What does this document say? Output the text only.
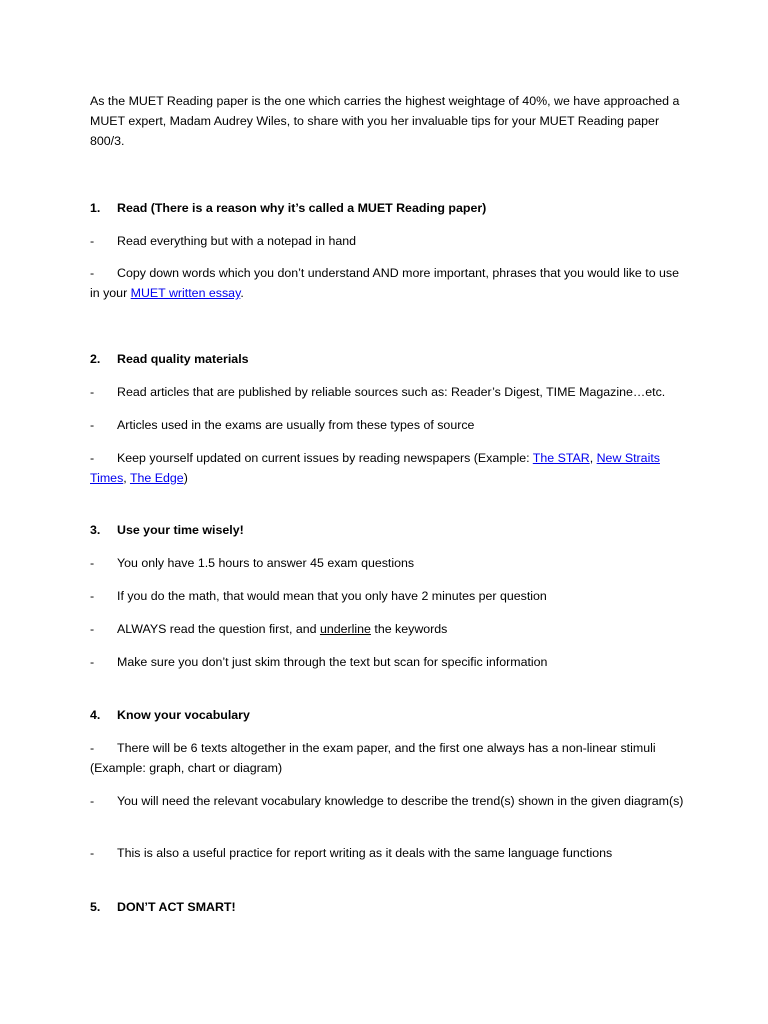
As the MUET Reading paper is the one which carries the highest weightage of 40%, we have approached a MUET expert, Madam Audrey Wiles, to share with you her invaluable tips for your MUET Reading paper 800/3.

1. Read (There is a reason why it’s called a MUET Reading paper)

- Read everything but with a notepad in hand

- Copy down words which you don’t understand AND more important, phrases that you would like to use in your MUET written essay.

2. Read quality materials

- Read articles that are published by reliable sources such as: Reader’s Digest, TIME Magazine…etc.

- Articles used in the exams are usually from these types of source

- Keep yourself updated on current issues by reading newspapers (Example: The STAR, New Straits Times, The Edge)

3. Use your time wisely!

- You only have 1.5 hours to answer 45 exam questions

- If you do the math, that would mean that you only have 2 minutes per question

- ALWAYS read the question first, and underline the keywords

- Make sure you don’t just skim through the text but scan for specific information

4. Know your vocabulary

- There will be 6 texts altogether in the exam paper, and the first one always has a non-linear stimuli (Example: graph, chart or diagram)

- You will need the relevant vocabulary knowledge to describe the trend(s) shown in the given diagram(s)

- This is also a useful practice for report writing as it deals with the same language functions

5. DON’T ACT SMART!
